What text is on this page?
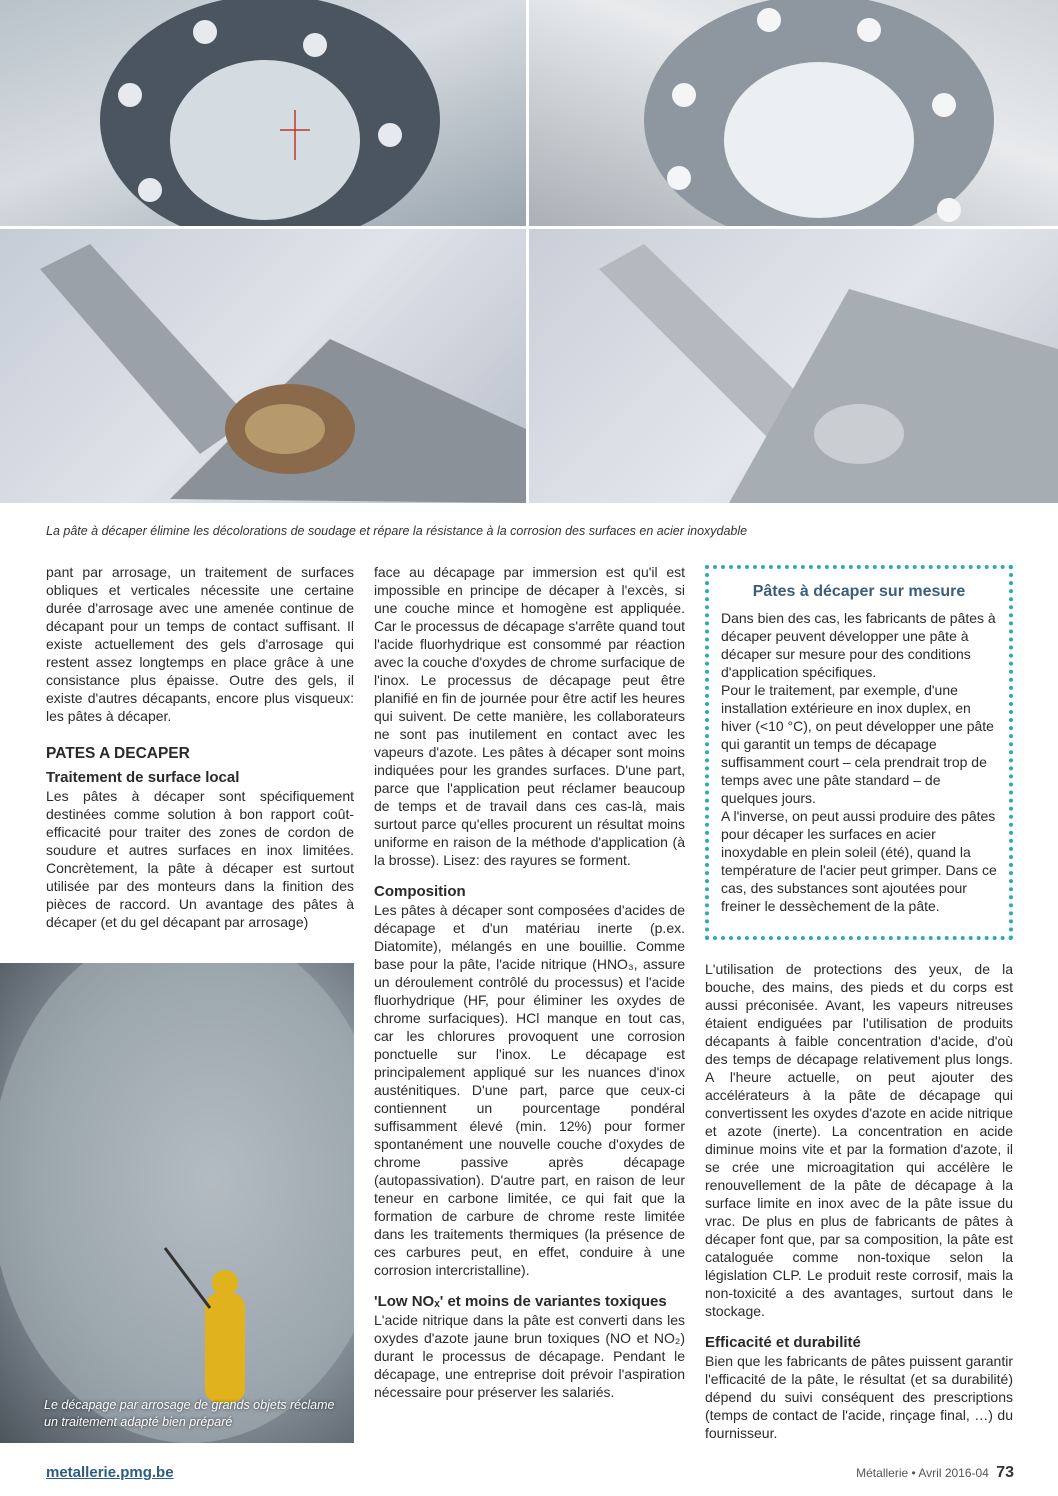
La pâte à décaper élimine les décolorations de soudage et répare la résistance à la corrosion des surfaces en acier inoxydable

pant par arrosage, un traitement de surfaces obliques et verticales nécessite une certaine durée d'arrosage avec une amenée continue de décapant pour un temps de contact suffisant. Il existe actuellement des gels d'arrosage qui restent assez longtemps en place grâce à une consistance plus épaisse. Outre des gels, il existe d'autres décapants, encore plus visqueux: les pâtes à décaper.

PATES A DECAPER
Traitement de surface local

Les pâtes à décaper sont spécifiquement destinées comme solution à bon rapport coût-efficacité pour traiter des zones de cordon de soudure et autres surfaces en inox limitées. Concrètement, la pâte à décaper est surtout utilisée par des monteurs dans la finition des pièces de raccord. Un avantage des pâtes à décaper (et du gel décapant par arrosage)

face au décapage par immersion est qu'il est impossible en principe de décaper à l'excès, si une couche mince et homogène est appliquée. Car le processus de décapage s'arrête quand tout l'acide fluorhydrique est consommé par réaction avec la couche d'oxydes de chrome surfacique de l'inox. Le processus de décapage peut être planifié en fin de journée pour être actif les heures qui suivent. De cette manière, les collaborateurs ne sont pas inutilement en contact avec les vapeurs d'azote. Les pâtes à décaper sont moins indiquées pour les grandes surfaces. D'une part, parce que l'application peut réclamer beaucoup de temps et de travail dans ces cas-là, mais surtout parce qu'elles procurent un résultat moins uniforme en raison de la méthode d'application (à la brosse). Lisez: des rayures se forment.

Composition

Les pâtes à décaper sont composées d'acides de décapage et d'un matériau inerte (p.ex. Diatomite), mélangés en une bouillie. Comme base pour la pâte, l'acide nitrique (HNO₃, assure un déroulement contrôlé du processus) et l'acide fluorhydrique (HF, pour éliminer les oxydes de chrome surfaciques). HCl manque en tout cas, car les chlorures provoquent une corrosion ponctuelle sur l'inox. Le décapage est principalement appliqué sur les nuances d'inox austénitiques. D'une part, parce que ceux-ci contiennent un pourcentage pondéral suffisamment élevé (min. 12%) pour former spontanément une nouvelle couche d'oxydes de chrome passive après décapage (autopassivation). D'autre part, en raison de leur teneur en carbone limitée, ce qui fait que la formation de carbure de chrome reste limitée dans les traitements thermiques (la présence de ces carbures peut, en effet, conduire à une corrosion intercristalline).

'Low NOₓ' et moins de variantes toxiques

L'acide nitrique dans la pâte est converti dans les oxydes d'azote jaune brun toxiques (NO et NO₂) durant le processus de décapage. Pendant le décapage, une entreprise doit prévoir l'aspiration nécessaire pour préserver les salariés.

Pâtes à décaper sur mesure

Dans bien des cas, les fabricants de pâtes à décaper peuvent développer une pâte à décaper sur mesure pour des conditions d'application spécifiques.

Pour le traitement, par exemple, d'une installation extérieure en inox duplex, en hiver (<10 °C), on peut développer une pâte qui garantit un temps de décapage suffisamment court – cela prendrait trop de temps avec une pâte standard – de quelques jours.

A l'inverse, on peut aussi produire des pâtes pour décaper les surfaces en acier inoxydable en plein soleil (été), quand la température de l'acier peut grimper. Dans ce cas, des substances sont ajoutées pour freiner le dessèchement de la pâte.

L'utilisation de protections des yeux, de la bouche, des mains, des pieds et du corps est aussi préconisée. Avant, les vapeurs nitreuses étaient endiguées par l'utilisation de produits décapants à faible concentration d'acide, d'où des temps de décapage relativement plus longs. A l'heure actuelle, on peut ajouter des accélérateurs à la pâte de décapage qui convertissent les oxydes d'azote en acide nitrique et azote (inerte). La concentration en acide diminue moins vite et par la formation d'azote, il se crée une microagitation qui accélère le renouvellement de la pâte de décapage à la surface limite en inox avec de la pâte issue du vrac. De plus en plus de fabricants de pâtes à décaper font que, par sa composition, la pâte est cataloguée comme non-toxique selon la législation CLP. Le produit reste corrosif, mais la non-toxicité a des avantages, surtout dans le stockage.

Efficacité et durabilité

Bien que les fabricants de pâtes puissent garantir l'efficacité de la pâte, le résultat (et sa durabilité) dépend du suivi conséquent des prescriptions (temps de contact de l'acide, rinçage final, …) du fournisseur.

Le décapage par arrosage de grands objets réclame un traitement adapté bien préparé
metallerie.pmg.be	Métallerie • Avril 2016-04 73
